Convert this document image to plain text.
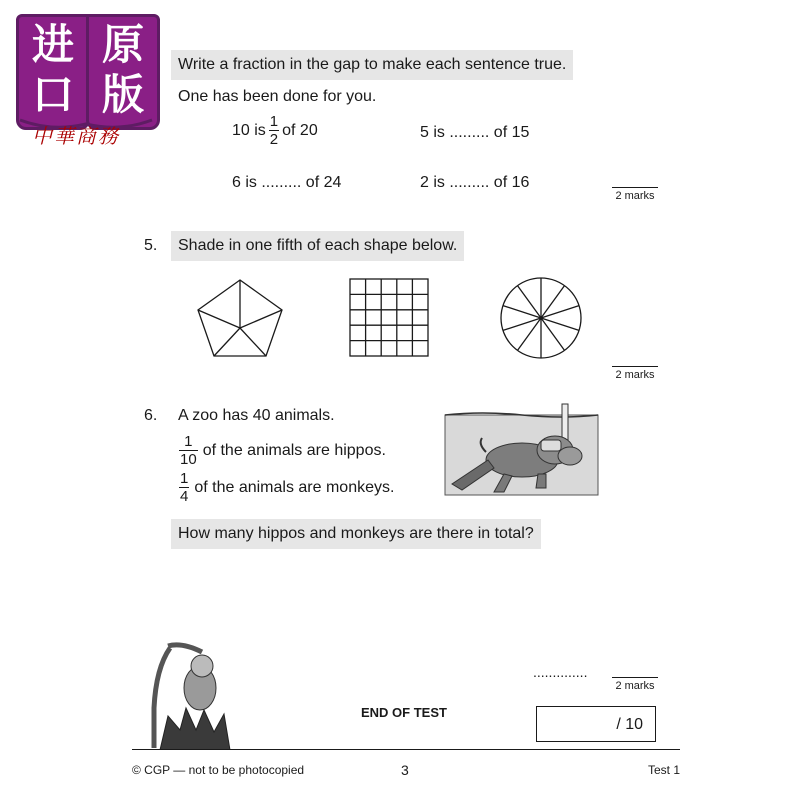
进
口
原
版
中華商務
Write a fraction in the gap to make each sentence true.
One has been done for you.
10 is $\frac{1}{2}$ of 20	5 is ......... of 15
6 is ......... of 24	2 is ......... of 16
2 marks
5.	Shade in one fifth of each shape below.
2 marks
6. A zoo has 40 animals.
$\frac{1}{10}$ of the animals are hippos.
$\frac{1}{4}$ of the animals are monkeys.
How many hippos and monkeys are there in total?
END OF TEST
..............
2 marks
/ 10
© CGP — not to be photocopied	3	Test 1
